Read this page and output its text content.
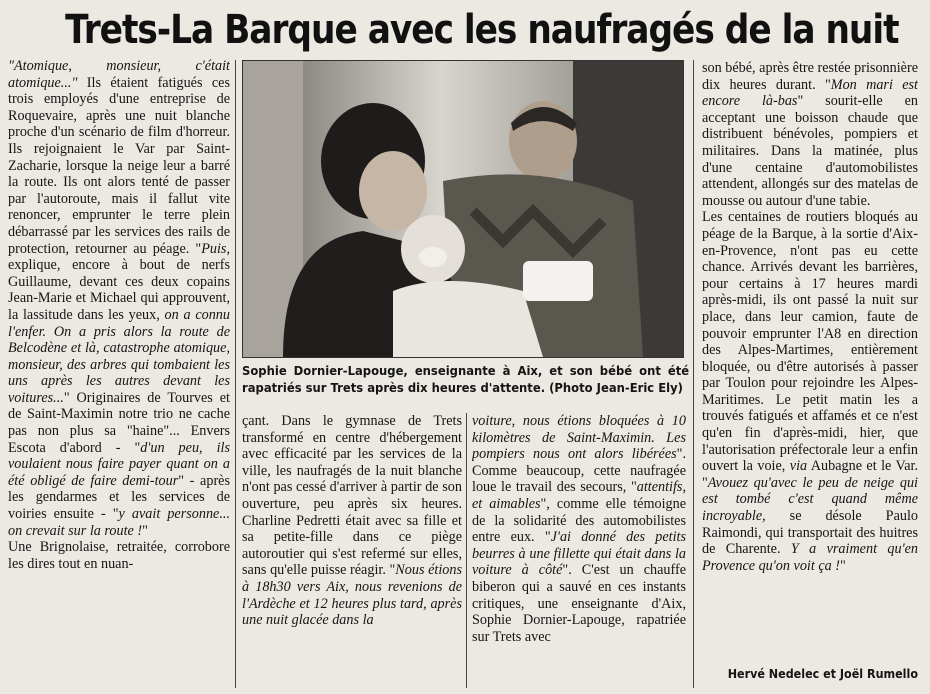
Trets-La Barque avec les naufragés de la nuit

"Atomique, monsieur, c'était atomique..." Ils étaient fatigués ces trois employés d'une entreprise de Roquevaire, après une nuit blanche proche d'un scénario de film d'horreur. Ils rejoignaient le Var par Saint-Zacharie, lorsque la neige leur a barré la route. Ils ont alors tenté de passer par l'autoroute, mais il fallut vite renoncer, emprunter le terre plein débarrassé par les services des rails de protection, retourner au péage. "Puis, explique, encore à bout de nerfs Guillaume, devant ces deux copains Jean-Marie et Michael qui approuvent, la lassitude dans les yeux, on a connu l'enfer. On a pris alors la route de Belcodène et là, catastrophe atomique, monsieur, des arbres qui tombaient les uns après les autres devant les voitures..." Originaires de Tourves et de Saint-Maximin notre trio ne cache pas non plus sa "haine"... Envers Escota d'abord - "d'un peu, ils voulaient nous faire payer quant on a été obligé de faire demi-tour" - après les gendarmes et les services de voiries ensuite - "y avait personne... on crevait sur la route !"

Une Brignolaise, retraitée, corrobore les dires tout en nuan-

Sophie Dornier-Lapouge, enseignante à Aix, et son bébé ont été rapatriés sur Trets après dix heures d'attente. (Photo Jean-Eric Ely)

çant. Dans le gymnase de Trets transformé en centre d'hébergement avec efficacité par les services de la ville, les naufragés de la nuit blanche n'ont pas cessé d'arriver à partir de son ouverture, peu après six heures. Charline Pedretti était avec sa fille et sa petite-fille dans ce piège autoroutier qui s'est refermé sur elles, sans qu'elle puisse réagir. "Nous étions à 18h30 vers Aix, nous revenions de l'Ardèche et 12 heures plus tard, après une nuit glacée dans la

voiture, nous étions bloquées à 10 kilomètres de Saint-Maximin. Les pompiers nous ont alors libérées". Comme beaucoup, cette naufragée loue le travail des secours, "attentifs, et aimables", comme elle témoigne de la solidarité des automobilistes entre eux. "J'ai donné des petits beurres à une fillette qui était dans la voiture à côté". C'est un chauffe biberon qui a sauvé en ces instants critiques, une enseignante d'Aix, Sophie Dornier-Lapouge, rapatriée sur Trets avec

son bébé, après être restée prisonnière dix heures durant. "Mon mari est encore là-bas" sourit-elle en acceptant une boisson chaude que distribuent bénévoles, pompiers et militaires. Dans la matinée, plus d'une centaine d'automobilistes attendent, allongés sur des matelas de mousse ou autour d'une tabie.

Les centaines de routiers bloqués au péage de la Barque, à la sortie d'Aix-en-Provence, n'ont pas eu cette chance. Arrivés devant les barrières, pour certains à 17 heures mardi après-midi, ils ont passé la nuit sur place, dans leur camion, faute de pouvoir emprunter l'A8 en direction des Alpes-Martimes, entièrement bloquée, ou d'être autorisés à passer par Toulon pour rejoindre les Alpes-Maritimes. Le petit matin les a trouvés fatigués et affamés et ce n'est qu'en fin d'après-midi, hier, que l'autorisation préfectorale leur a enfin ouvert la voie, via Aubagne et le Var. "Avouez qu'avec le peu de neige qui est tombé c'est quand même incroyable, se désole Paulo Raimondi, qui transportait des huitres de Charente. Y a vraiment qu'en Provence qu'on voit ça !"

Hervé Nedelec et Joël Rumello
